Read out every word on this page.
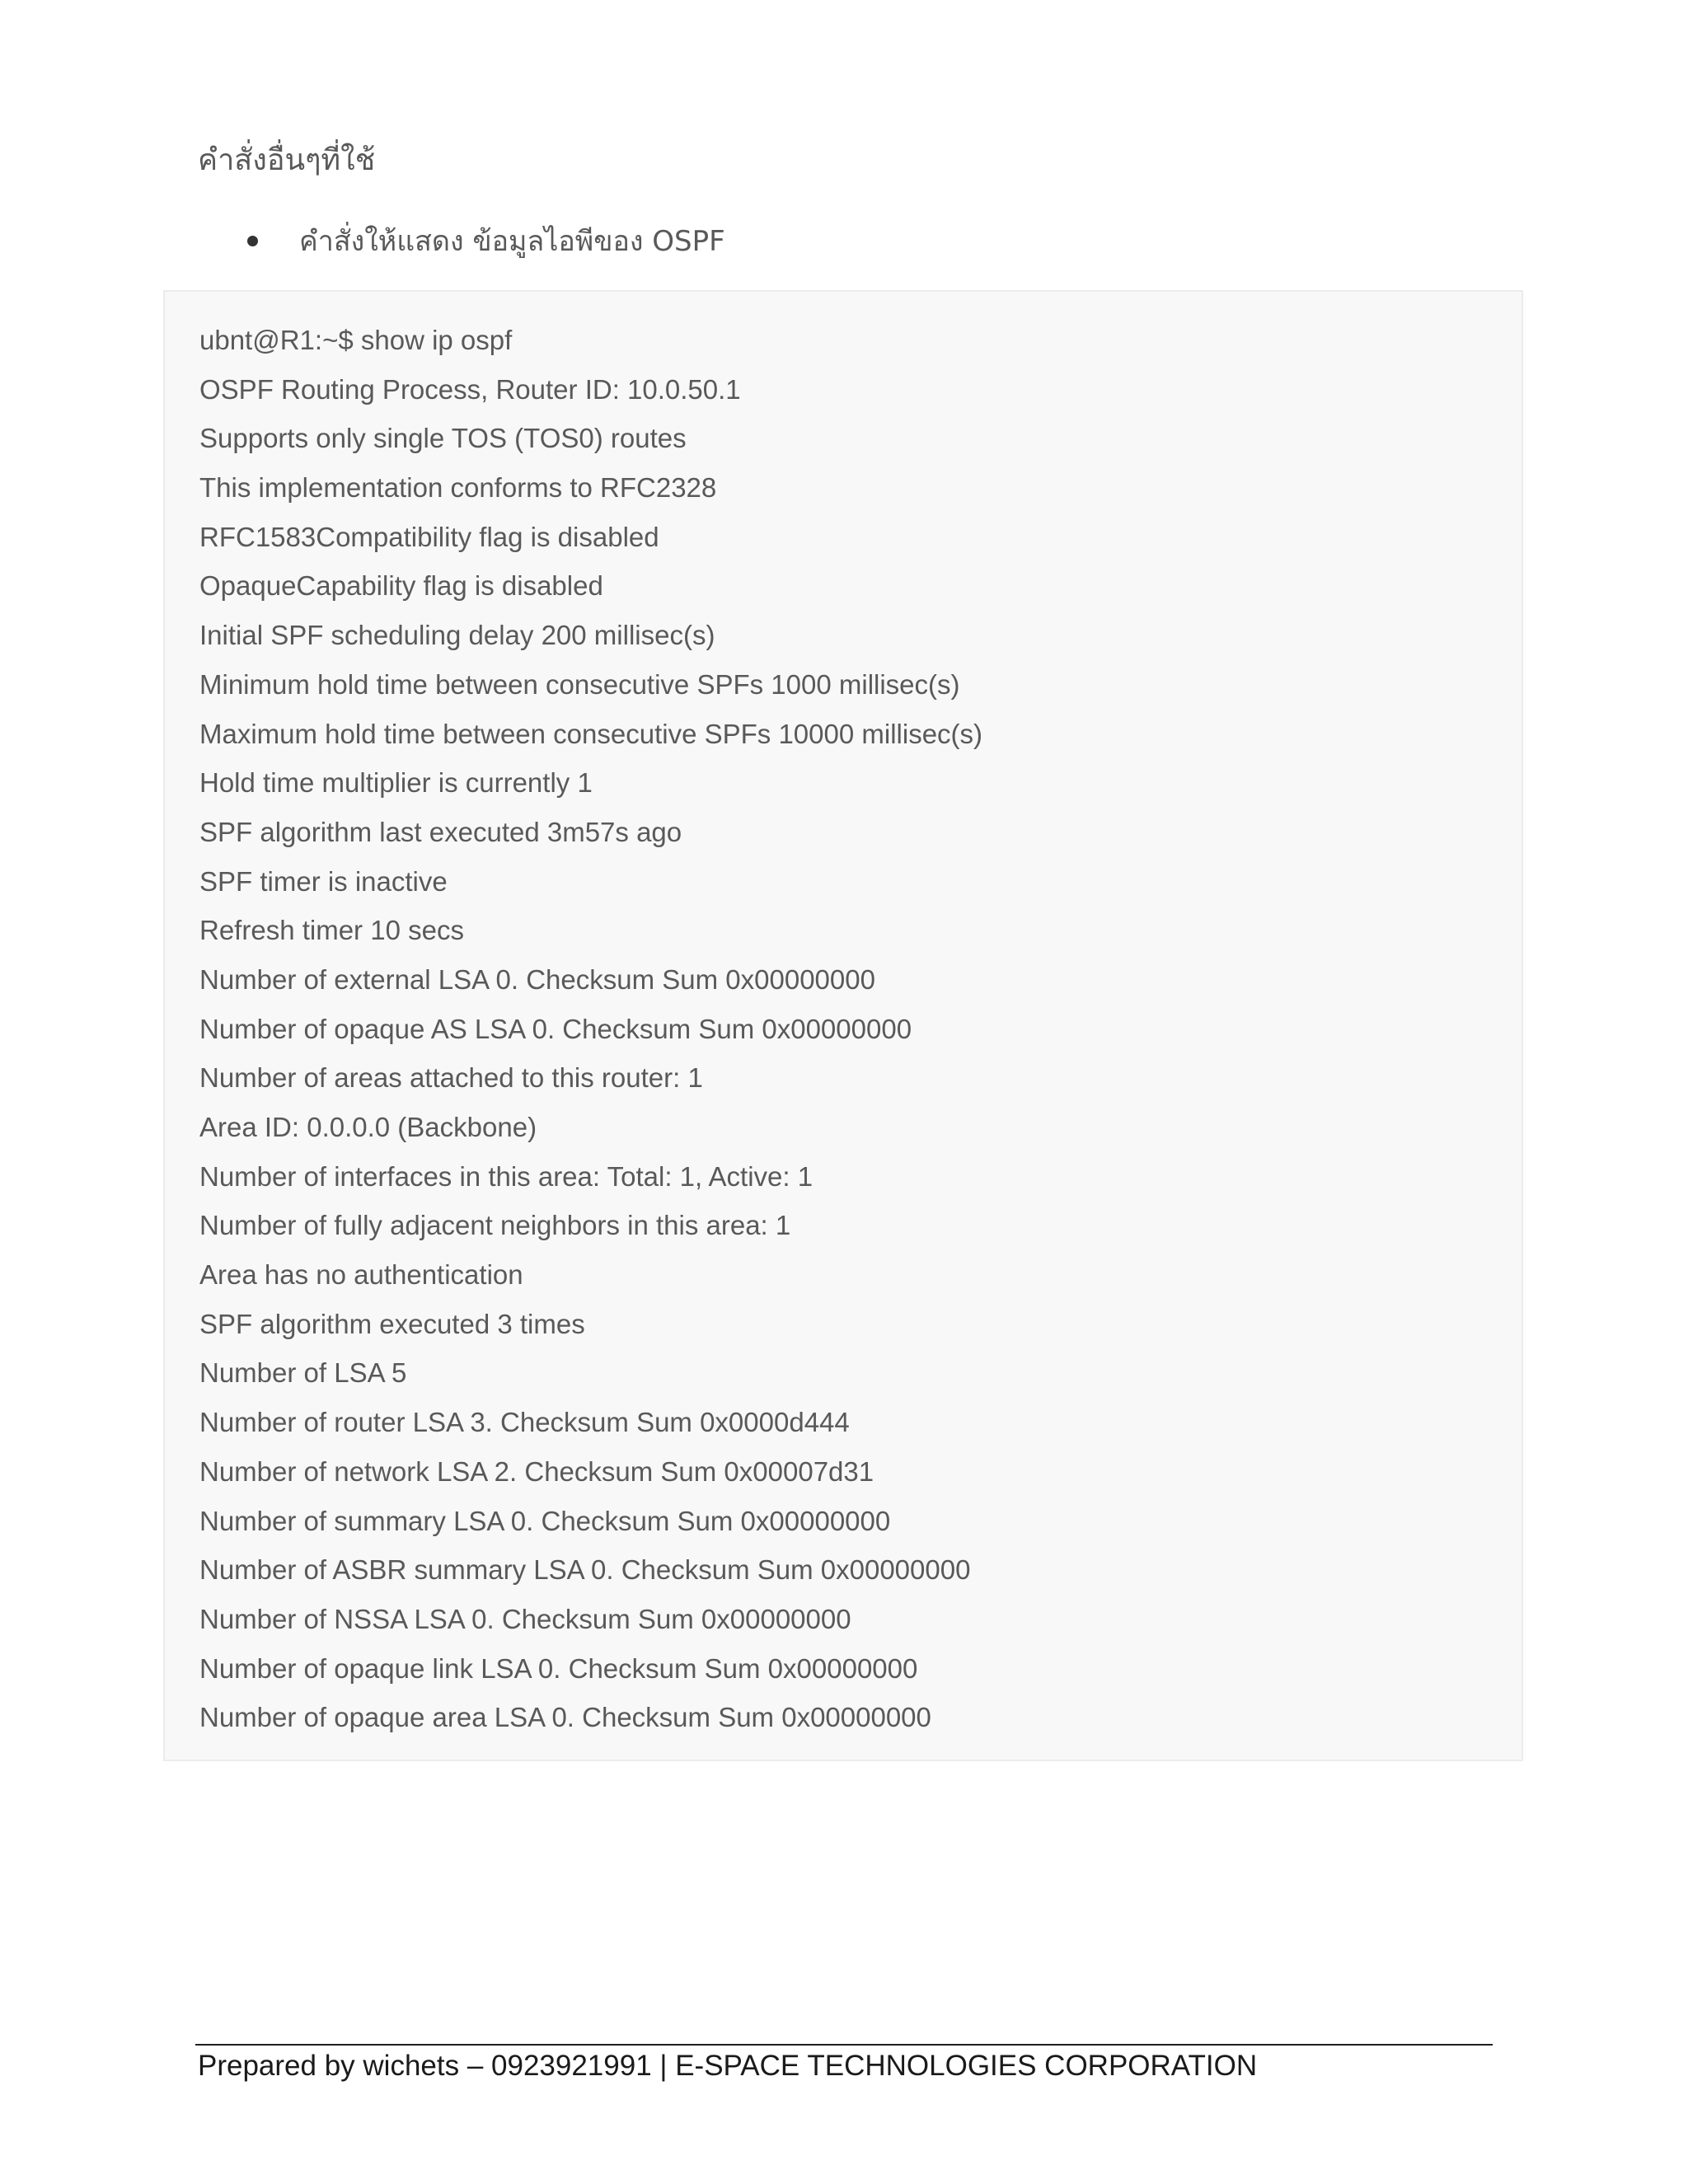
คำสั่งอื่นๆที่ใช้
คำสั่งให้แสดง ข้อมูลไอพีของ OSPF
ubnt@R1:~$ show ip ospf
OSPF Routing Process, Router ID: 10.0.50.1
Supports only single TOS (TOS0) routes
This implementation conforms to RFC2328
RFC1583Compatibility flag is disabled
OpaqueCapability flag is disabled
Initial SPF scheduling delay 200 millisec(s)
Minimum hold time between consecutive SPFs 1000 millisec(s)
Maximum hold time between consecutive SPFs 10000 millisec(s)
Hold time multiplier is currently 1
SPF algorithm last executed 3m57s ago
SPF timer is inactive
Refresh timer 10 secs
Number of external LSA 0. Checksum Sum 0x00000000
Number of opaque AS LSA 0. Checksum Sum 0x00000000
Number of areas attached to this router: 1
Area ID: 0.0.0.0 (Backbone)
Number of interfaces in this area: Total: 1, Active: 1
Number of fully adjacent neighbors in this area: 1
Area has no authentication
SPF algorithm executed 3 times
Number of LSA 5
Number of router LSA 3. Checksum Sum 0x0000d444
Number of network LSA 2. Checksum Sum 0x00007d31
Number of summary LSA 0. Checksum Sum 0x00000000
Number of ASBR summary LSA 0. Checksum Sum 0x00000000
Number of NSSA LSA 0. Checksum Sum 0x00000000
Number of opaque link LSA 0. Checksum Sum 0x00000000
Number of opaque area LSA 0. Checksum Sum 0x00000000
Prepared by wichets – 0923921991 | E-SPACE TECHNOLOGIES CORPORATION
